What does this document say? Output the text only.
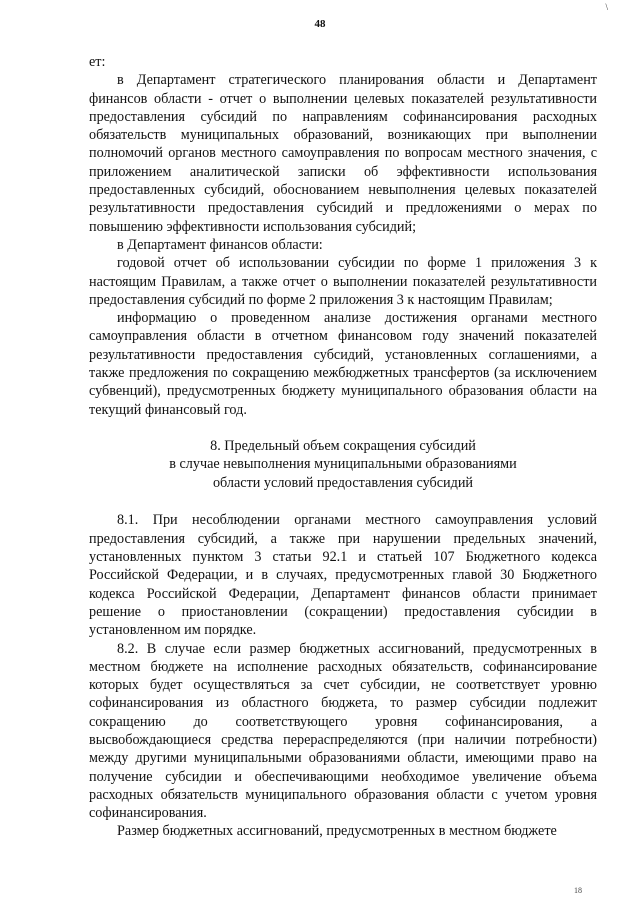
\
48

ет:

в Департамент стратегического планирования области и Департамент финансов области - отчет о выполнении целевых показателей результативности предоставления субсидий по направлениям софинансирования расходных обязательств муниципальных образований, возникающих при выполнении полномочий органов местного самоуправления по вопросам местного значения, с приложением аналитической записки об эффективности использования предоставленных субсидий, обоснованием невыполнения целевых показателей результативности предоставления субсидий и предложениями о мерах по повышению эффективности использования субсидий;

в Департамент финансов области:

годовой отчет об использовании субсидии по форме 1 приложения 3 к настоящим Правилам, а также отчет о выполнении показателей результативности предоставления субсидий по форме 2 приложения 3 к настоящим Правилам;

информацию о проведенном анализе достижения органами местного самоуправления области в отчетном финансовом году значений показателей результативности предоставления субсидий, установленных соглашениями, а также предложения по сокращению межбюджетных трансфертов (за исключением субвенций), предусмотренных бюджету муниципального образования области на текущий финансовый год.

8. Предельный объем сокращения субсидий
в случае невыполнения муниципальными образованиями
области условий предоставления субсидий

8.1. При несоблюдении органами местного самоуправления условий предоставления субсидий, а также при нарушении предельных значений, установленных пунктом 3 статьи 92.1 и статьей 107 Бюджетного кодекса Российской Федерации, и в случаях, предусмотренных главой 30 Бюджетного кодекса Российской Федерации, Департамент финансов области принимает решение о приостановлении (сокращении) предоставления субсидии в установленном им порядке.

8.2. В случае если размер бюджетных ассигнований, предусмотренных в местном бюджете на исполнение расходных обязательств, софинансирование которых будет осуществляться за счет субсидии, не соответствует уровню софинансирования из областного бюджета, то размер субсидии подлежит сокращению до соответствующего уровня софинансирования, а высвобождающиеся средства перераспределяются (при наличии потребности) между другими муниципальными образованиями области, имеющими право на получение субсидии и обеспечивающими необходимое увеличение объема расходных обязательств муниципального образования области с учетом уровня софинансирования.

Размер бюджетных ассигнований, предусмотренных в местном бюджете

18
